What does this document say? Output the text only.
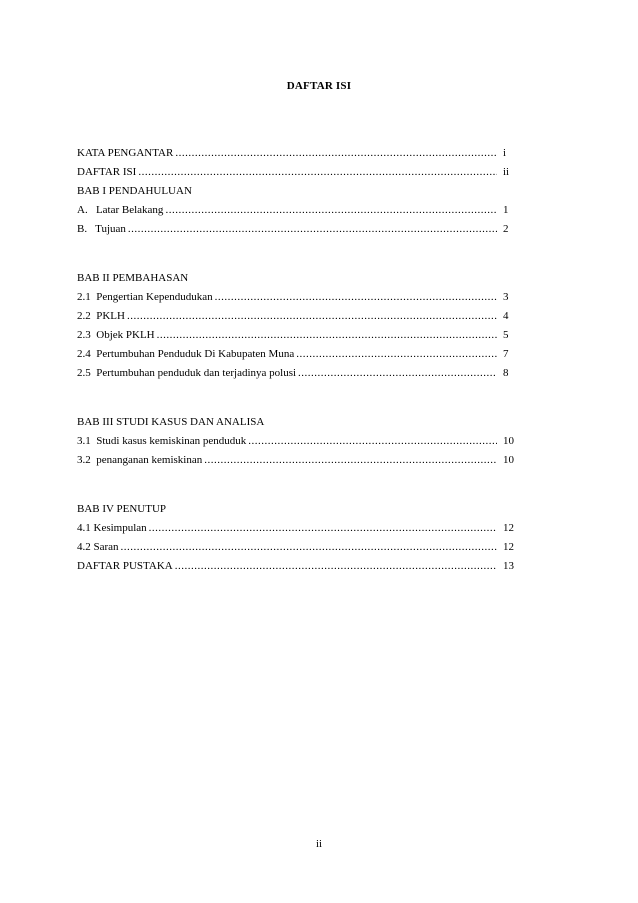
DAFTAR ISI
KATA PENGANTAR .....	i
DAFTAR ISI .....	ii
BAB I PENDAHULUAN
A.   Latar Belakang .....	1
B.   Tujuan .....	2
BAB II PEMBAHASAN
2.1  Pengertian Kependudukan .....	3
2.2  PKLH .....	4
2.3  Objek PKLH .....	5
2.4  Pertumbuhan Penduduk Di Kabupaten Muna .....	7
2.5  Pertumbuhan penduduk dan terjadinya polusi .....	8
BAB III STUDI KASUS DAN ANALISA
3.1  Studi kasus kemiskinan penduduk .....	10
3.2  penanganan kemiskinan .....	10
BAB IV PENUTUP
4.1 Kesimpulan .....	12
4.2 Saran .....	12
DAFTAR PUSTAKA .....	13
ii
